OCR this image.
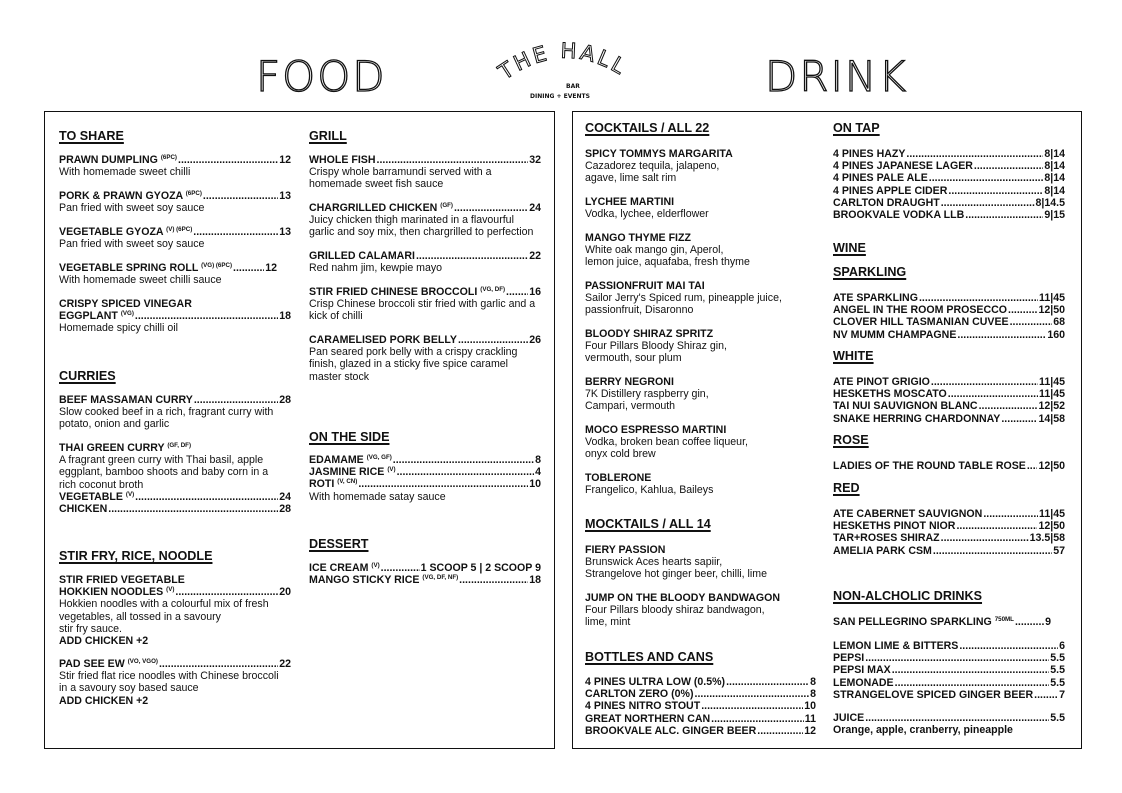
FOOD	THE HALL
BAR
DINING + EVENTS	DRINK
TO SHARE
PRAWN DUMPLING $^{(6PC)}$ .....	12
With homemade sweet chilli
PORK & PRAWN GYOZA $^{(6PC)}$ .....	13
Pan fried with sweet soy sauce
VEGETABLE GYOZA $^{(V) (6PC)}$ .....	13
Pan fried with sweet soy sauce
VEGETABLE SPRING ROLL $^{(VG) (6PC)}$ .....	12
With homemade sweet chilli sauce
CRISPY SPICED VINEGAR
EGGPLANT $^{(VG)}$ .....	18
Homemade spicy chilli oil
CURRIES
BEEF MASSAMAN CURRY .....	28
Slow cooked beef in a rich, fragrant curry with
potato, onion and garlic
THAI GREEN CURRY $^{(GF, DF)}$
A fragrant green curry with Thai basil, apple
eggplant, bamboo shoots and baby corn in a
rich coconut broth
VEGETABLE $^{(V)}$ .....	24
CHICKEN .....	28
STIR FRY, RICE, NOODLE
STIR FRIED VEGETABLE
HOKKIEN NOODLES $^{(V)}$ .....	20
Hokkien noodles with a colourful mix of fresh
vegetables, all tossed in a savoury
stir fry sauce.
ADD CHICKEN +2
PAD SEE EW $^{(VO, VGO)}$ .....	22
Stir fried flat rice noodles with Chinese broccoli
in a savoury soy based sauce
ADD CHICKEN +2
GRILL
WHOLE FISH .....	32
Crispy whole barramundi served with a
homemade sweet fish sauce
CHARGRILLED CHICKEN $^{(GF)}$ .....	24
Juicy chicken thigh marinated in a flavourful
garlic and soy mix, then chargrilled to perfection
GRILLED CALAMARI .....	22
Red nahm jim, kewpie mayo
STIR FRIED CHINESE BROCCOLI $^{(VG, DF)}$ ..... 16
Crisp Chinese broccoli stir fried with garlic and a
kick of chilli
CARAMELISED PORK BELLY .....	26
Pan seared pork belly with a crispy crackling
finish, glazed in a sticky five spice caramel
master stock
ON THE SIDE
EDAMAME $^{(VG, GF)}$ .....	8
JASMINE RICE $^{(V)}$ .....	4
ROTI $^{(V, CN)}$ .....	10
With homemade satay sauce
DESSERT
ICE CREAM $^{(V)}$ .....	1 SCOOP 5 | 2 SCOOP 9
MANGO STICKY RICE $^{(VG, DF, NF)}$ .....	18
COCKTAILS / ALL 22
SPICY TOMMYS MARGARITA
Cazadorez tequila, jalapeno,
agave, lime salt rim
LYCHEE MARTINI
Vodka, lychee, elderflower
MANGO THYME FIZZ
White oak mango gin, Aperol,
lemon juice, aquafaba, fresh thyme
PASSIONFRUIT MAI TAI
Sailor Jerry's Spiced rum, pineapple juice,
passionfruit, Disaronno
BLOODY SHIRAZ SPRITZ
Four Pillars Bloody Shiraz gin,
vermouth, sour plum
BERRY NEGRONI
7K Distillery raspberry gin,
Campari, vermouth
MOCO ESPRESSO MARTINI
Vodka, broken bean coffee liqueur,
onyx cold brew
TOBLERONE
Frangelico, Kahlua, Baileys
MOCKTAILS / ALL 14
FIERY PASSION
Brunswick Aces hearts sapiir,
Strangelove hot ginger beer, chilli, lime
JUMP ON THE BLOODY BANDWAGON
Four Pillars bloody shiraz bandwagon,
lime, mint
BOTTLES AND CANS
4 PINES ULTRA LOW (0.5%) .....	8
CARLTON ZERO (0%) .....	8
4 PINES NITRO STOUT .....	10
GREAT NORTHERN CAN .....	11
BROOKVALE ALC. GINGER BEER .....	12
ON TAP
4 PINES HAZY .....	8|14
4 PINES JAPANESE LAGER .....	8|14
4 PINES PALE ALE .....	8|14
4 PINES APPLE CIDER .....	8|14
CARLTON DRAUGHT .....	8|14.5
BROOKVALE VODKA LLB .....	9|15
WINE
SPARKLING
ATE SPARKLING .....	11|45
ANGEL IN THE ROOM PROSECCO .....	12|50
CLOVER HILL TASMANIAN CUVEE .....	68
NV MUMM CHAMPAGNE .....	160
WHITE
ATE PINOT GRIGIO .....	11|45
HESKETHS MOSCATO .....	11|45
TAI NUI SAUVIGNON BLANC .....	12|52
SNAKE HERRING CHARDONNAY .....	14|58
ROSE
LADIES OF THE ROUND TABLE ROSE ..... 12|50
RED
ATE CABERNET SAUVIGNON .....	11|45
HESKETHS PINOT NIOR .....	12|50
TAR+ROSES SHIRAZ .....	13.5|58
AMELIA PARK CSM .....	57
NON-ALCHOLIC DRINKS
SAN PELLEGRINO SPARKLING $^{750ML}$ .....	9
LEMON LIME & BITTERS .....	6
PEPSI .....	5.5
PEPSI MAX .....	5.5
LEMONADE .....	5.5
STRANGELOVE SPICED GINGER BEER ..... 7
JUICE .....	5.5
Orange, apple, cranberry, pineapple
